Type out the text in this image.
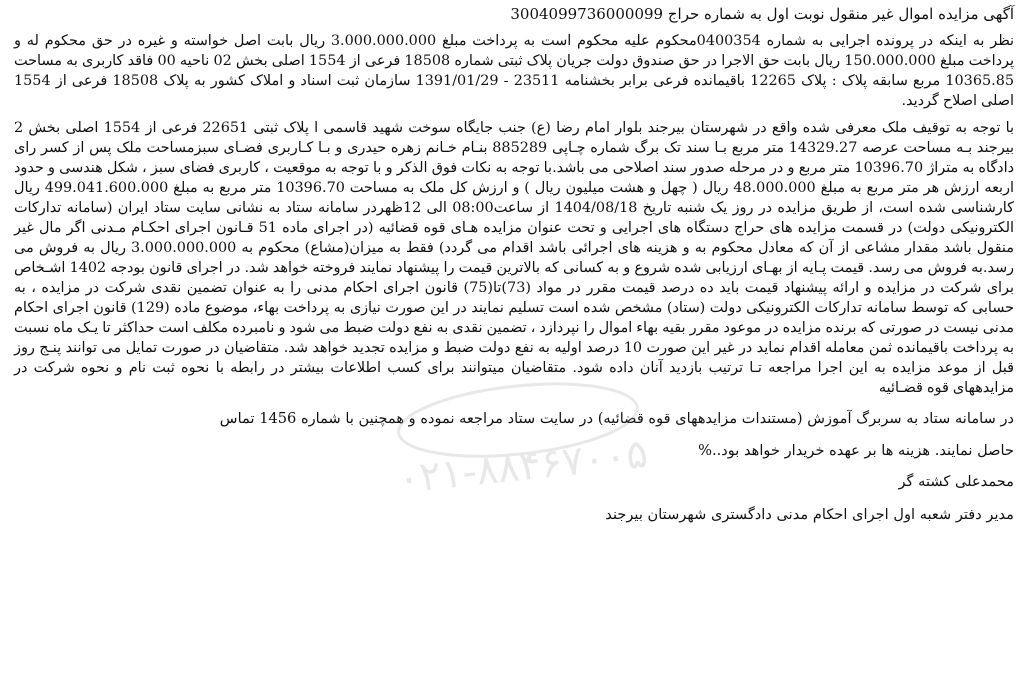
آگهی مزایده اموال غیر منقول نوبت اول به شماره حراج 3004099736000099

نظر به اینکه در پرونده اجرایی به شماره 0400354محکوم علیه محکوم است به پرداخت مبلغ 3.000.000.000 ریال بابت اصل خواسته و غیره در حق محکوم له و پرداخت مبلغ 150.000.000 ریال بابت حق الاجرا در حق صندوق دولت جریان پلاک ثبتی شماره 18508 فرعی از 1554 اصلی بخش 02 ناحیه 00 فاقد کاربری به مساحت 10365.85 مربع سابقه پلاک : پلاک 12265 باقیمانده فرعی برابر بخشنامه 23511 - 1391/01/29 سازمان ثبت اسناد و املاک کشور به پلاک 18508 فرعی از 1554 اصلی اصلاح گردید.

با توجه به توقیف ملک معرفی شده واقع در شهرستان بیرجند بلوار امام رضا (ع) جنب جایگاه سوخت شهید قاسمی ا پلاک ثبتی 22651 فرعی از 1554 اصلی بخش 2 بیرجند بـه مساحت عرصه 14329.27 متر مربع بـا سند تک برگ شماره چـاپی 885289 بنـام خـانم زهره حیدری و بـا کـاربری فضـای سبزمساحت ملک پس از کسر رای دادگاه به متراژ 10396.70 متر مربع و در مرحله صدور سند اصلاحی می باشد.با توجه به نکات فوق الذکر و با توجه به موقعیت ، کاربری فضای سبز ، شکل هندسی و حدود اربعه ارزش هر متر مربع به مبلغ 48.000.000 ریال ( چهل و هشت میلیون ریال ) و ارزش کل ملک به مساحت 10396.70 متر مربع به مبلغ 499.041.600.000 ریال کارشناسی شده است، از طریق مزایده در روز یک شنبه تاریخ 1404/08/18 از ساعت08:00 الی 12ظهردر سامانه ستاد به نشانی سایت ستاد ایران (سامانه تدارکات الکترونیکی دولت) در قسمت مزایده های حراج دستگاه های اجرایی و تحت عنوان مزایده هـای قوه قضائیه (در اجرای ماده 51 قـانون اجرای احکـام مـدنی اگر مال غیر منقول باشد مقدار مشاعی از آن که معادل محکوم به و هزینه های اجرائی باشد اقدام می گردد) فقط به میزان(مشاع) محکوم به 3.000.000.000 ریال به فروش می رسد.به فروش می رسد. قیمت پـایه از بهـای ارزیابی شده شروع و به کسانی که بالاترین قیمت را پیشنهاد نمایند فروخته خواهد شد. در اجرای قانون بودجه 1402 اشـخاص برای شرکت در مزایده و ارائه پیشنهاد قیمت باید ده درصد قیمت مقرر در مواد (73)تا(75) قانون اجرای احکام مدنی را به عنوان تضمین نقدی شرکت در مزایده ، به حسابی که توسط سامانه تدارکات الکترونیکی دولت (ستاد) مشخص شده است تسلیم نمایند در این صورت نیازی به پرداخت بهاء، موضوع ماده (129) قانون اجرای احکام مدنی نیست در صورتی که برنده مزایده در موعود مقرر بقیه بهاء اموال را نپردازد ، تضمین نقدی به نفع دولت ضبط می شود و نامبرده مکلف است حداکثر تا یـک ماه نسبت به پرداخت باقیمانده ثمن معامله اقدام نماید در غیر این صورت 10 درصد اولیه به نفع دولت ضبط و مزایده تجدید خواهد شد. متقاضیان در صورت تمایل می توانند پنـج روز قبل از موعد مزایده به این اجرا مراجعه تـا ترتیب بازدید آنان داده شود. متقاضیان میتوانند برای کسب اطلاعات بیشتر در رابطه با نحوه ثبت نام و نحوه شرکت در مزایدههای قوه قضـائیه

در سامانه ستاد به سربرگ آموزش (مستندات مزایدههای قوه قضائیه) در سایت ستاد مراجعه نموده و همچنین با شماره 1456 تماس
حاصل نمایند. هزینه ها بر عهده خریدار خواهد بود..%
محمدعلی کشته گر
مدیر دفتر شعبه اول اجرای احکام مدنی دادگستری شهرستان بیرجند
۰۲۱-۸۸۴۶۷۰۰۵
